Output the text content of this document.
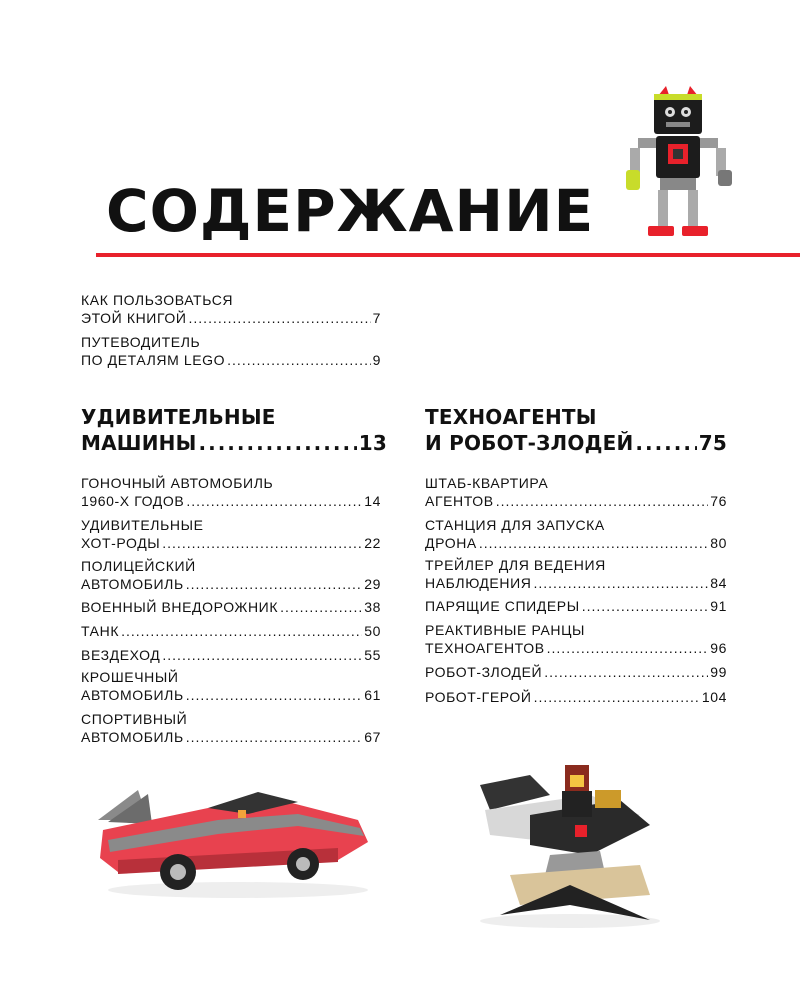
СОДЕРЖАНИЕ
КАК ПОЛЬЗОВАТЬСЯ
ЭТОЙ КНИГОЙ .....	7
ПУТЕВОДИТЕЛЬ
ПО ДЕТАЛЯМ LEGO .....	9
УДИВИТЕЛЬНЫЕ
МАШИНЫ .....	13
ГОНОЧНЫЙ АВТОМОБИЛЬ
1960-Х ГОДОВ .....	14
УДИВИТЕЛЬНЫЕ
ХОТ-РОДЫ .....	22
ПОЛИЦЕЙСКИЙ
АВТОМОБИЛЬ .....	29
ВОЕННЫЙ ВНЕДОРОЖНИК .....	38
ТАНК .....	50
ВЕЗДЕХОД .....	55
КРОШЕЧНЫЙ
АВТОМОБИЛЬ .....	61
СПОРТИВНЫЙ
АВТОМОБИЛЬ .....	67
ТЕХНОАГЕНТЫ
И РОБОТ-ЗЛОДЕЙ .....	75
ШТАБ-КВАРТИРА
АГЕНТОВ .....	76
СТАНЦИЯ ДЛЯ ЗАПУСКА
ДРОНА .....	80
ТРЕЙЛЕР ДЛЯ ВЕДЕНИЯ
НАБЛЮДЕНИЯ .....	84
ПАРЯЩИЕ СПИДЕРЫ .....	91
РЕАКТИВНЫЕ РАНЦЫ
ТЕХНОАГЕНТОВ .....	96
РОБОТ-ЗЛОДЕЙ .....	99
РОБОТ-ГЕРОЙ .....	104
